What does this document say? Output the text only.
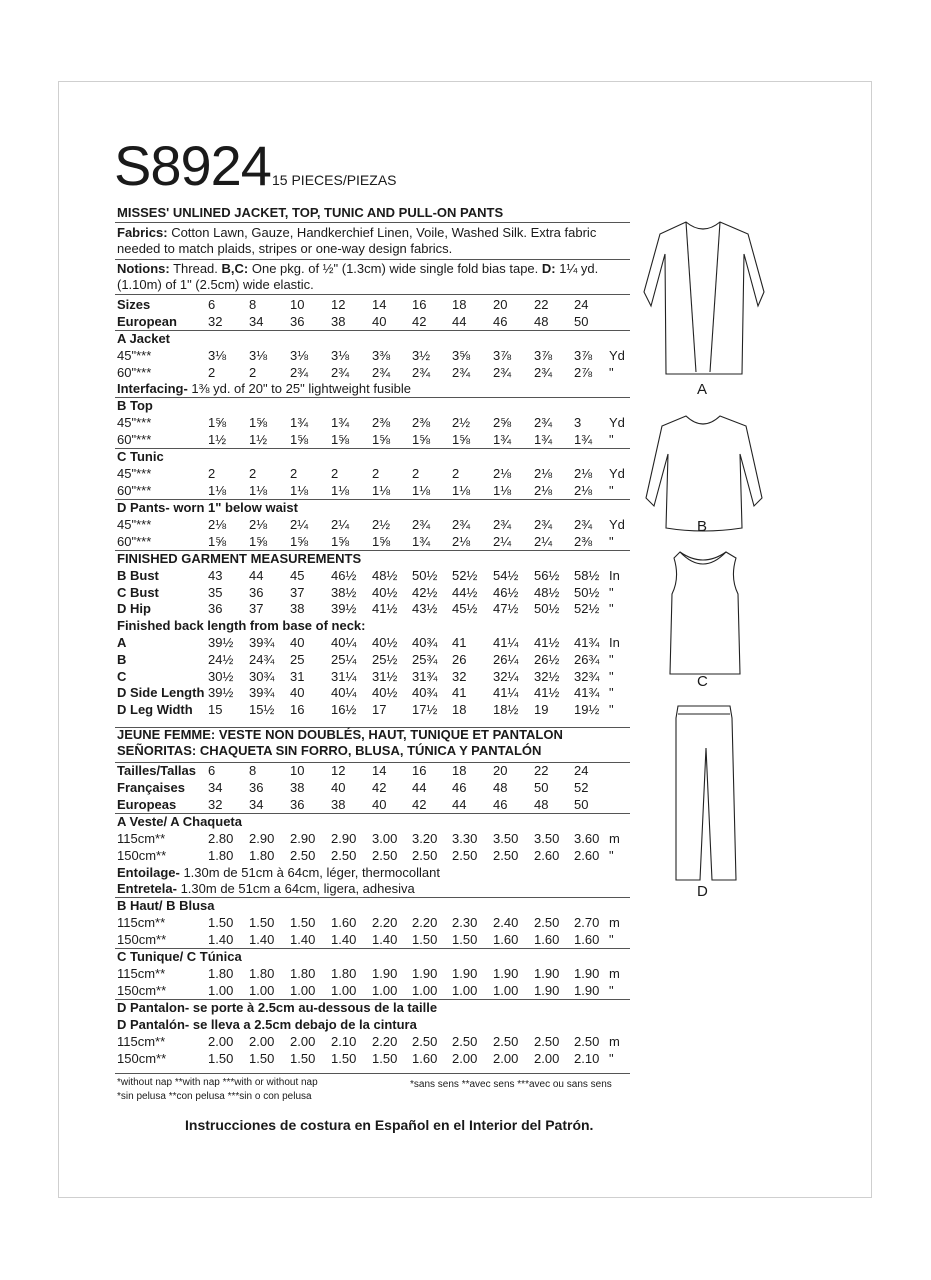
S8924 15 PIECES/PIEZAS
MISSES' UNLINED JACKET, TOP, TUNIC AND PULL-ON PANTS
Fabrics: Cotton Lawn, Gauze, Handkerchief Linen, Voile, Washed Silk. Extra fabric needed to match plaids, stripes or one-way design fabrics.
Notions: Thread. B,C: One pkg. of ½" (1.3cm) wide single fold bias tape. D: 1¼ yd. (1.10m) of 1" (2.5cm) wide elastic.
Sizes	6	8	10 12 14 16 18 20 22 24
European 32 34 36 38 40 42 44 46 48 50
A Jacket
45"***	3⅛ 3⅛ 3⅛ 3⅛ 3⅜ 3½ 3⅝ 3⅞ 3⅞ 3⅞ Yd
60"***	2	2	2¾ 2¾ 2¾ 2¾ 2¾ 2¾ 2¾ 2⅞ "
Interfacing- 1⅜ yd. of 20" to 25" lightweight fusible
B Top
45"***	1⅝ 1⅝ 1¾ 1¾ 2⅜ 2⅜ 2½ 2⅝ 2¾ 3 Yd
60"***	1½ 1½ 1⅝ 1⅝ 1⅝ 1⅝ 1⅝ 1¾ 1¾ 1¾ "
C Tunic
45"***	2	2	2	2	2	2	2	2⅛ 2⅛ 2⅛ Yd
60"***	1⅛ 1⅛ 1⅛ 1⅛ 1⅛ 1⅛ 1⅛ 1⅛ 2⅛ 2⅛ "
D Pants- worn 1" below waist
45"***	2⅛ 2⅛ 2¼ 2¼ 2½ 2¾ 2¾ 2¾ 2¾ 2¾ Yd
60"***	1⅝ 1⅝ 1⅝ 1⅝ 1⅝ 1¾ 2⅛ 2¼ 2¼ 2⅜ "
FINISHED GARMENT MEASUREMENTS
B Bust	43 44 45 46½ 48½ 50½ 52½ 54½ 56½ 58½ In
C Bust	35 36 37 38½ 40½ 42½ 44½ 46½ 48½ 50½ "
D Hip	36 37 38 39½ 41½ 43½ 45½ 47½ 50½ 52½ "
Finished back length from base of neck:
A	39½ 39¾ 40 40¼ 40½ 40¾ 41 41¼ 41½ 41¾ In
B	24½ 24¾ 25 25¼ 25½ 25¾ 26 26¼ 26½ 26¾ "
C	30½ 30¾ 31 31¼ 31½ 31¾ 32 32¼ 32½ 32¾ "
D Side Length 39½ 39¾ 40 40¼ 40½ 40¾ 41 41¼ 41½ 41¾ "
D Leg Width 15 15½ 16 16½ 17 17½ 18 18½ 19 19½ "
JEUNE FEMME: VESTE NON DOUBLÉS, HAUT, TUNIQUE ET PANTALON
SEÑORITAS: CHAQUETA SIN FORRO, BLUSA, TÚNICA Y PANTALÓN
Tailles/Tallas 6	8	10 12 14 16 18 20 22 24
Françaises 34 36 38 40 42 44 46 48 50 52
Europeas 32 34 36 38 40 42 44 46 48 50
A Veste/ A Chaqueta
115cm**	2.80 2.90 2.90 2.90 3.00 3.20 3.30 3.50 3.50 3.60 m
150cm**	1.80 1.80 2.50 2.50 2.50 2.50 2.50 2.50 2.60 2.60 "
Entoilage- 1.30m de 51cm à 64cm, léger, thermocollant
Entretela- 1.30m de 51cm a 64cm, ligera, adhesiva
B Haut/ B Blusa
115cm**	1.50 1.50 1.50 1.60 2.20 2.20 2.30 2.40 2.50 2.70 m
150cm**	1.40 1.40 1.40 1.40 1.40 1.50 1.50 1.60 1.60 1.60 "
C Tunique/ C Túnica
115cm**	1.80 1.80 1.80 1.80 1.90 1.90 1.90 1.90 1.90 1.90 m
150cm**	1.00 1.00 1.00 1.00 1.00 1.00 1.00 1.00 1.90 1.90 "
D Pantalon- se porte à 2.5cm au-dessous de la taille
D Pantalón- se lleva a 2.5cm debajo de la cintura
115cm**	2.00 2.00 2.00 2.10 2.20 2.50 2.50 2.50 2.50 2.50 m
150cm**	1.50 1.50 1.50 1.50 1.50 1.60 2.00 2.00 2.00 2.10 "
*without nap **with nap ***with or without nap	*sans sens **avec sens ***avec ou sans sens
*sin pelusa **con pelusa ***sin o con pelusa
Instrucciones de costura en Español en el Interior del Patrón.
A
B
C
D
